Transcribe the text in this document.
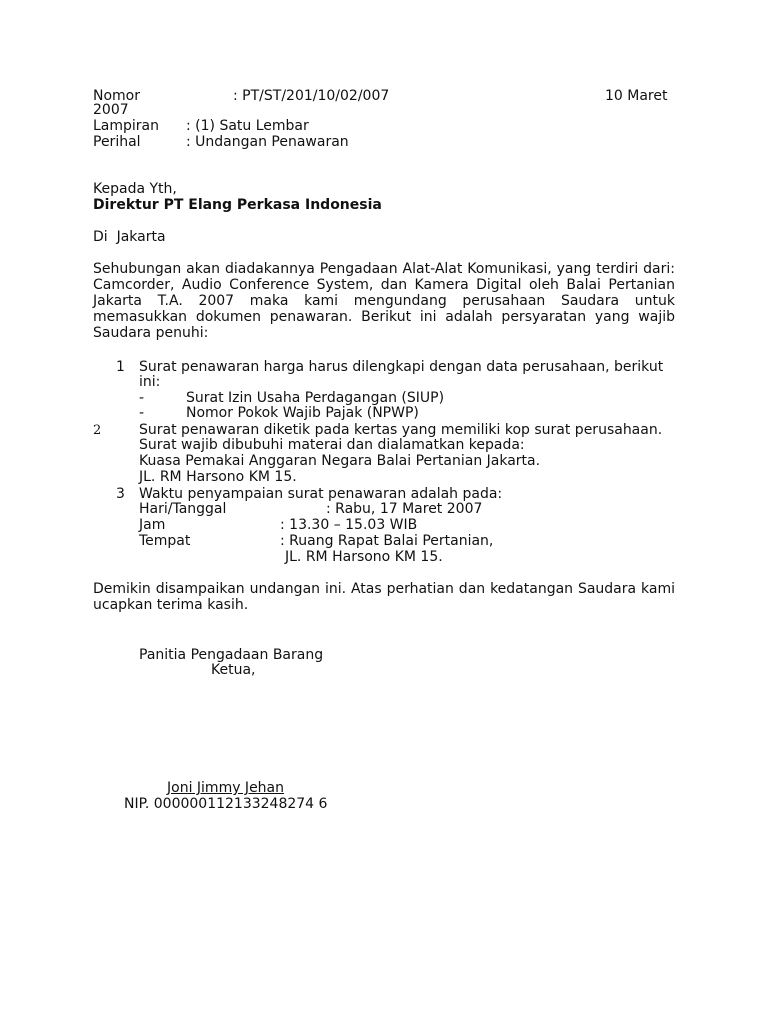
Nomor	: PT/ST/201/10/02/007	10 Maret
2007
Lampiran : (1) Satu Lembar
Perihal	: Undangan Penawaran
Kepada Yth,
Direktur PT Elang Perkasa Indonesia
Di  Jakarta
Sehubungan akan diadakannya Pengadaan Alat-Alat Komunikasi, yang terdiri dari: Camcorder, Audio Conference System, dan Kamera Digital oleh Balai Pertanian Jakarta T.A. 2007 maka kami mengundang perusahaan Saudara untuk memasukkan dokumen penawaran. Berikut ini adalah persyaratan yang wajib Saudara penuhi:
1 Surat penawaran harga harus dilengkapi dengan data perusahaan, berikut
ini:
-	Surat Izin Usaha Perdagangan (SIUP)
-	Nomor Pokok Wajib Pajak (NPWP)
2	Surat penawaran diketik pada kertas yang memiliki kop surat perusahaan.
Surat wajib dibubuhi materai dan dialamatkan kepada:
Kuasa Pemakai Anggaran Negara Balai Pertanian Jakarta.
JL. RM Harsono KM 15.
3 Waktu penyampaian surat penawaran adalah pada:
Hari/Tanggal	: Rabu, 17 Maret 2007
Jam	: 13.30 – 15.03 WIB
Tempat	: Ruang Rapat Balai Pertanian,
JL. RM Harsono KM 15.
Demikin disampaikan undangan ini. Atas perhatian dan kedatangan Saudara kami ucapkan terima kasih.
Panitia Pengadaan Barang
Ketua,
Joni Jimmy Jehan
NIP. 000000112133248274 6
